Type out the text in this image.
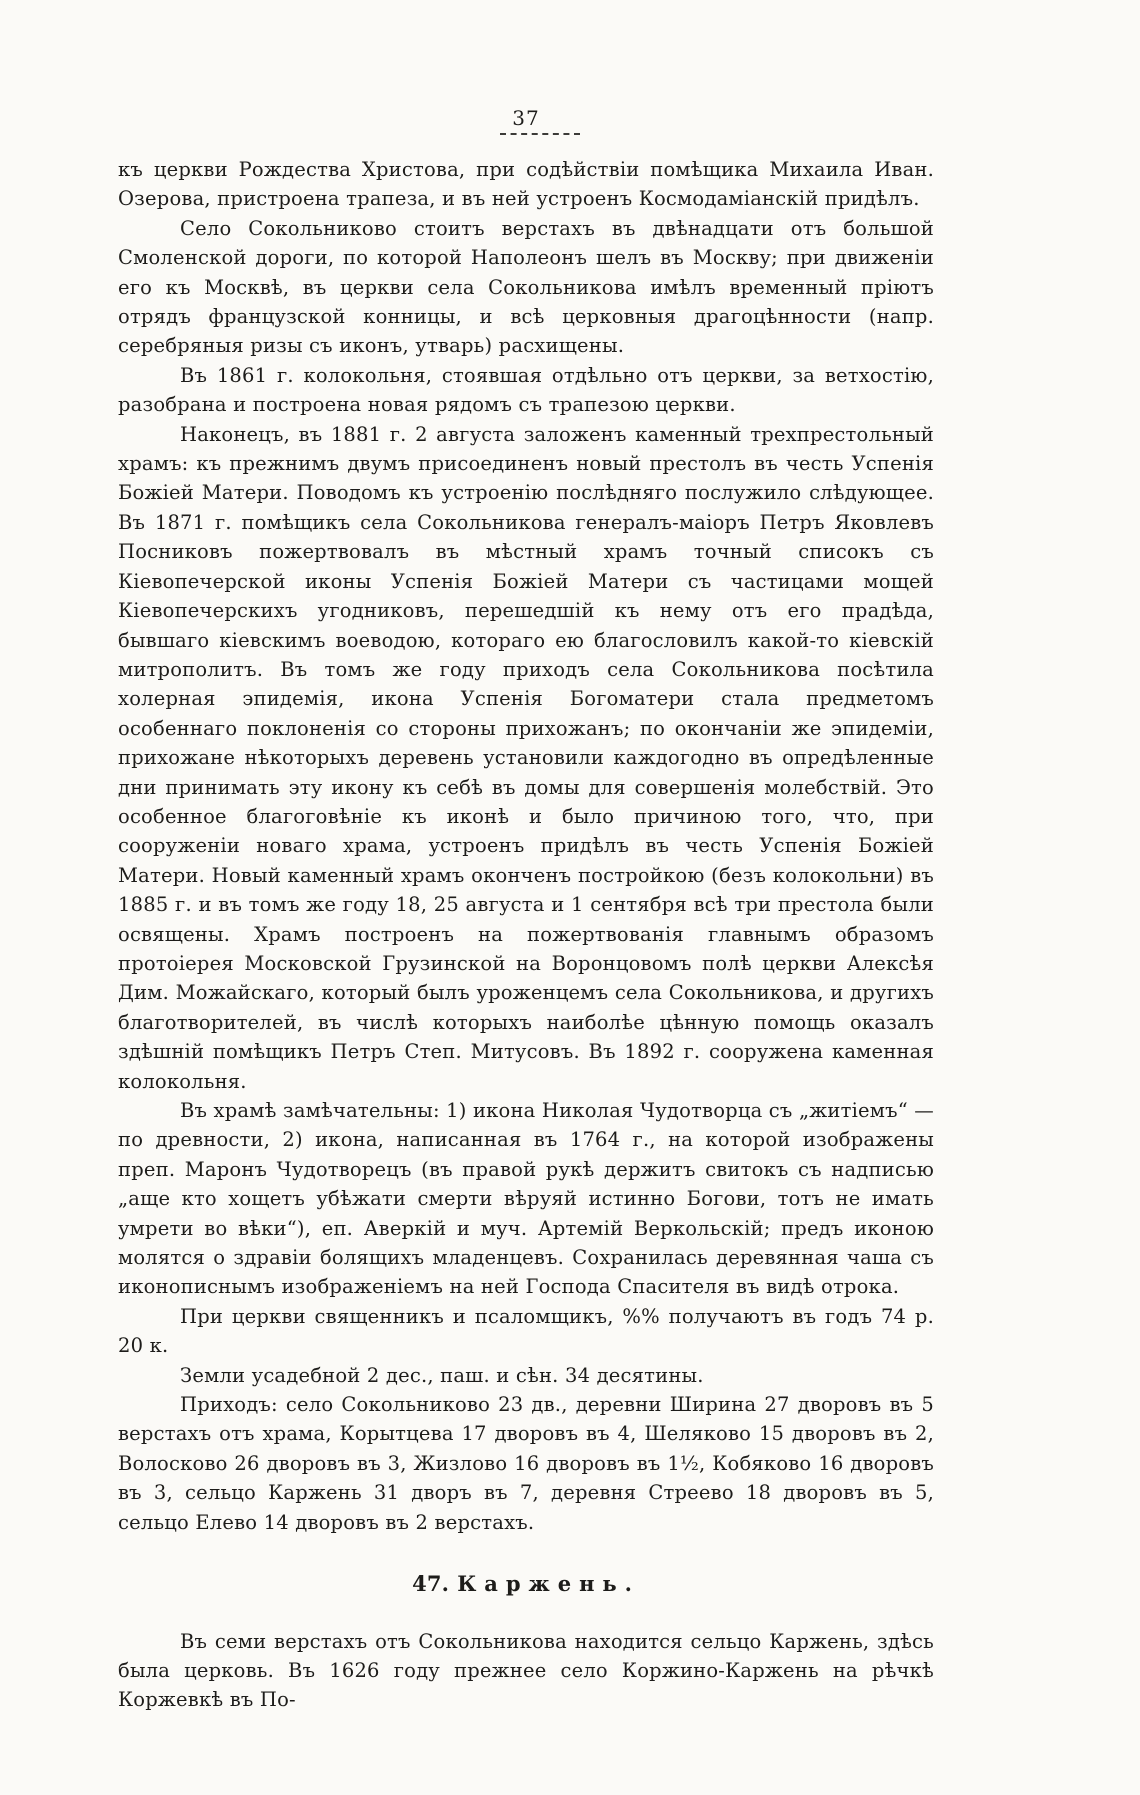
37

къ церкви Рождества Христова, при содѣйствіи помѣщика Михаила Иван. Озерова, пристроена трапеза, и въ ней устроенъ Космодаміанскій придѣлъ.

Село Сокольниково стоитъ верстахъ въ двѣнадцати отъ большой Смоленской дороги, по которой Наполеонъ шелъ въ Москву; при движеніи его къ Москвѣ, въ церкви села Сокольникова имѣлъ временный пріютъ отрядъ французской конницы, и всѣ церковныя драгоцѣнности (напр. серебряныя ризы съ иконъ, утварь) расхищены.

Въ 1861 г. колокольня, стоявшая отдѣльно отъ церкви, за ветхостію, разобрана и построена новая рядомъ съ трапезою церкви.

Наконецъ, въ 1881 г. 2 августа заложенъ каменный трехпрестольный храмъ: къ прежнимъ двумъ присоединенъ новый престолъ въ честь Успенія Божіей Матери. Поводомъ къ устроенію послѣдняго послужило слѣдующее. Въ 1871 г. помѣщикъ села Сокольникова генералъ-маіоръ Петръ Яковлевъ Посниковъ пожертвовалъ въ мѣстный храмъ точный списокъ съ Кіевопечерской иконы Успенія Божіей Матери съ частицами мощей Кіевопечерскихъ угодниковъ, перешедшій къ нему отъ его прадѣда, бывшаго кіевскимъ воеводою, котораго ею благословилъ какой-то кіевскій митрополитъ. Въ томъ же году приходъ села Сокольникова посѣтила холерная эпидемія, икона Успенія Богоматери стала предметомъ особеннаго поклоненія со стороны прихожанъ; по окончаніи же эпидеміи, прихожане нѣкоторыхъ деревень установили каждогодно въ опредѣленные дни принимать эту икону къ себѣ въ домы для совершенія молебствій. Это особенное благоговѣніе къ иконѣ и было причиною того, что, при сооруженіи новаго храма, устроенъ придѣлъ въ честь Успенія Божіей Матери. Новый каменный храмъ оконченъ постройкою (безъ колокольни) въ 1885 г. и въ томъ же году 18, 25 августа и 1 сентября всѣ три престола были освящены. Храмъ построенъ на пожертвованія главнымъ образомъ протоіерея Московской Грузинской на Воронцовомъ полѣ церкви Алексѣя Дим. Можайскаго, который былъ уроженцемъ села Сокольникова, и другихъ благотворителей, въ числѣ которыхъ наиболѣе цѣнную помощь оказалъ здѣшній помѣщикъ Петръ Степ. Митусовъ. Въ 1892 г. сооружена каменная колокольня.

Въ храмѣ замѣчательны: 1) икона Николая Чудотворца съ „житіемъ“ — по древности, 2) икона, написанная въ 1764 г., на которой изображены преп. Маронъ Чудотворецъ (въ правой рукѣ держитъ свитокъ съ надписью „аще кто хощетъ убѣжати смерти вѣруяй истинно Богови, тотъ не имать умрети во вѣки“), еп. Аверкій и муч. Артемій Веркольскій; предъ иконою молятся о здравіи болящихъ младенцевъ. Сохранилась деревянная чаша съ иконописнымъ изображеніемъ на ней Господа Спасителя въ видѣ отрока.

При церкви священникъ и псаломщикъ, %% получаютъ въ годъ 74 р. 20 к.

Земли усадебной 2 дес., паш. и сѣн. 34 десятины.

Приходъ: село Сокольниково 23 дв., деревни Ширина 27 дворовъ въ 5 верстахъ отъ храма, Корытцева 17 дворовъ въ 4, Шеляково 15 дворовъ въ 2, Волосково 26 дворовъ въ 3, Жизлово 16 дворовъ въ 1½, Кобяково 16 дворовъ въ 3, сельцо Каржень 31 дворъ въ 7, деревня Стреево 18 дворовъ въ 5, сельцо Елево 14 дворовъ въ 2 верстахъ.

47. Каржень.

Въ семи верстахъ отъ Сокольникова находится сельцо Каржень, здѣсь была церковь. Въ 1626 году прежнее село Коржино-Каржень на рѣчкѣ Коржевкѣ въ По-
